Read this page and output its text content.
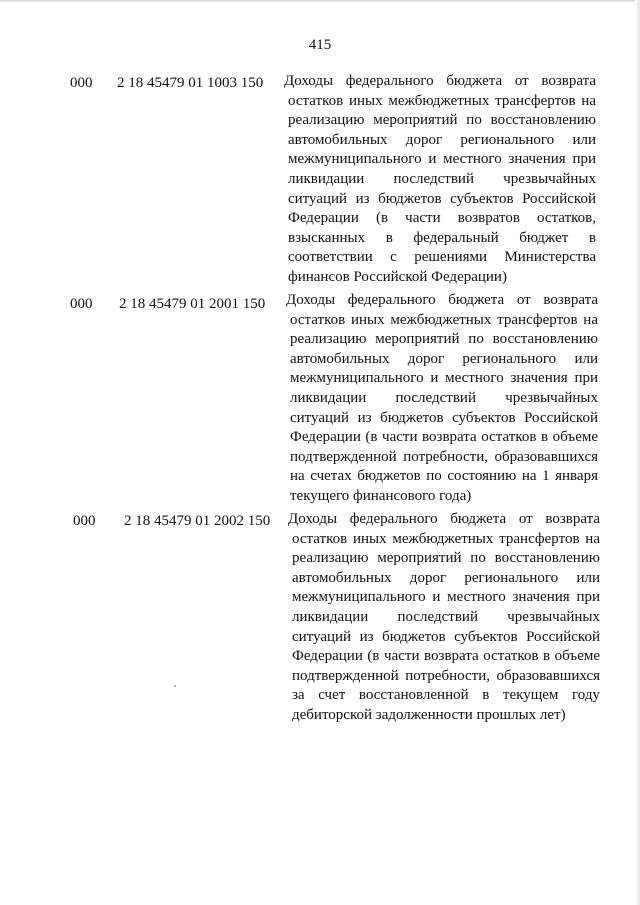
415
000 2 18 45479 01 1003 150 Доходы федерального бюджета от возврата
остатков иных межбюджетных трансфертов на
реализацию мероприятий по восстановлению
автомобильных дорог регионального или
межмуниципального и местного значения при
ликвидации последствий чрезвычайных
ситуаций из бюджетов субъектов Российской
Федерации (в части возвратов остатков,
взысканных в федеральный бюджет в
соответствии с решениями Министерства
финансов Российской Федерации)
000 2 18 45479 01 2001 150 Доходы федерального бюджета от возврата
остатков иных межбюджетных трансфертов на
реализацию мероприятий по восстановлению
автомобильных дорог регионального или
межмуниципального и местного значения при
ликвидации последствий чрезвычайных
ситуаций из бюджетов субъектов Российской
Федерации (в части возврата остатков в объеме
подтвержденной потребности, образовавшихся
на счетах бюджетов по состоянию на 1 января
текущего финансового года)
000 2 18 45479 01 2002 150 Доходы федерального бюджета от возврата
остатков иных межбюджетных трансфертов на
реализацию мероприятий по восстановлению
автомобильных дорог регионального или
межмуниципального и местного значения при
ликвидации последствий чрезвычайных
ситуаций из бюджетов субъектов Российской
Федерации (в части возврата остатков в объеме
подтвержденной потребности, образовавшихся
за счет восстановленной в текущем году
дебиторской задолженности прошлых лет)
